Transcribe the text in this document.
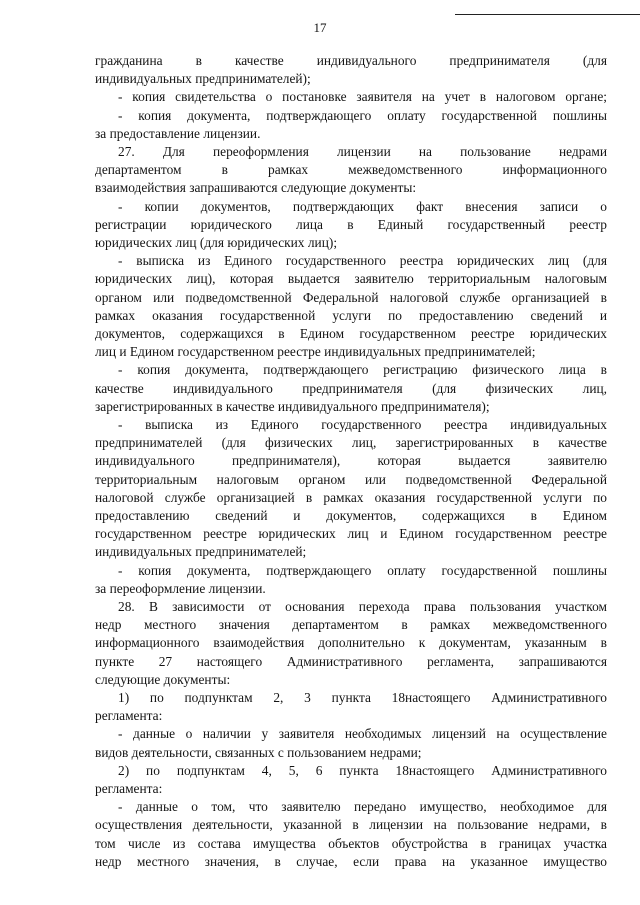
17
гражданина в качестве индивидуального предпринимателя (для
индивидуальных предпринимателей);
- копия свидетельства о постановке заявителя на учет в налоговом органе;
- копия документа, подтверждающего оплату государственной пошлины
за предоставление лицензии.
27. Для переоформления лицензии на пользование недрами
департаментом в рамках межведомственного информационного
взаимодействия запрашиваются следующие документы:
- копии документов, подтверждающих факт внесения записи о
регистрации юридического лица в Единый государственный реестр
юридических лиц (для юридических лиц);
- выписка из Единого государственного реестра юридических лиц (для
юридических лиц), которая выдается заявителю территориальным налоговым
органом или подведомственной Федеральной налоговой службе организацией в
рамках оказания государственной услуги по предоставлению сведений и
документов, содержащихся в Едином государственном реестре юридических
лиц и Едином государственном реестре индивидуальных предпринимателей;
- копия документа, подтверждающего регистрацию физического лица в
качестве индивидуального предпринимателя (для физических лиц,
зарегистрированных в качестве индивидуального предпринимателя);
- выписка из Единого государственного реестра индивидуальных
предпринимателей (для физических лиц, зарегистрированных в качестве
индивидуального предпринимателя), которая выдается заявителю
территориальным налоговым органом или подведомственной Федеральной
налоговой службе организацией в рамках оказания государственной услуги по
предоставлению сведений и документов, содержащихся в Едином
государственном реестре юридических лиц и Едином государственном реестре
индивидуальных предпринимателей;
- копия документа, подтверждающего оплату государственной пошлины
за переоформление лицензии.
28. В зависимости от основания перехода права пользования участком
недр местного значения департаментом в рамках межведомственного
информационного взаимодействия дополнительно к документам, указанным в
пункте 27 настоящего Административного регламента, запрашиваются
следующие документы:
1) по подпунктам 2, 3 пункта 18настоящего Административного
регламента:
- данные о наличии у заявителя необходимых лицензий на осуществление
видов деятельности, связанных с пользованием недрами;
2) по подпунктам 4, 5, 6 пункта 18настоящего Административного
регламента:
- данные о том, что заявителю передано имущество, необходимое для
осуществления деятельности, указанной в лицензии на пользование недрами, в
том числе из состава имущества объектов обустройства в границах участка
недр местного значения, в случае, если права на указанное имущество
